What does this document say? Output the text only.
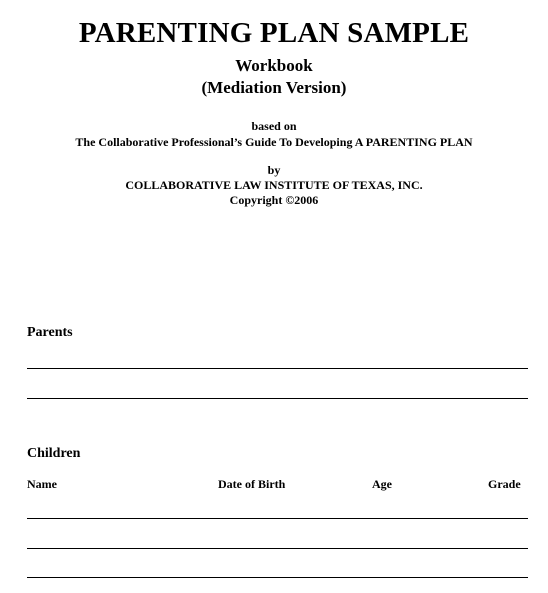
PARENTING PLAN SAMPLE
Workbook
(Mediation Version)
based on
The Collaborative Professional’s Guide To Developing A PARENTING PLAN
by
COLLABORATIVE LAW INSTITUTE OF TEXAS, INC.
Copyright ©2006
Parents
Children
Name	Date of Birth	Age	Grade
